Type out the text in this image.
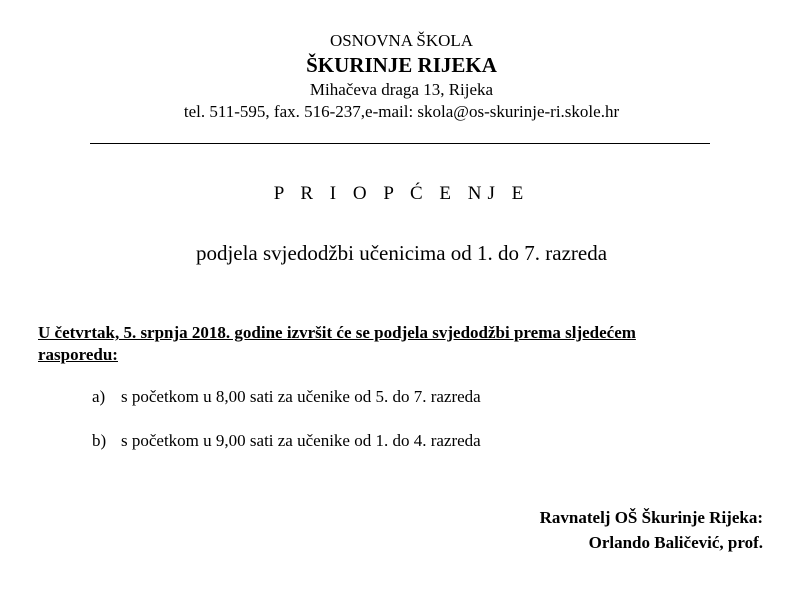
OSNOVNA ŠKOLA
ŠKURINJE RIJEKA
Mihačeva draga 13, Rijeka
tel. 511-595, fax. 516-237,e-mail: skola@os-skurinje-ri.skole.hr
P R I O P Ć E NJ E
podjela svjedodžbi učenicima od 1. do 7. razreda
U četvrtak, 5. srpnja 2018. godine izvršit će se podjela svjedodžbi prema sljedećem
rasporedu:
a) s početkom u 8,00 sati za učenike od 5. do 7. razreda
b) s početkom u 9,00 sati za učenike od 1. do 4. razreda
Ravnatelj OŠ Škurinje Rijeka:
Orlando Baličević, prof.
